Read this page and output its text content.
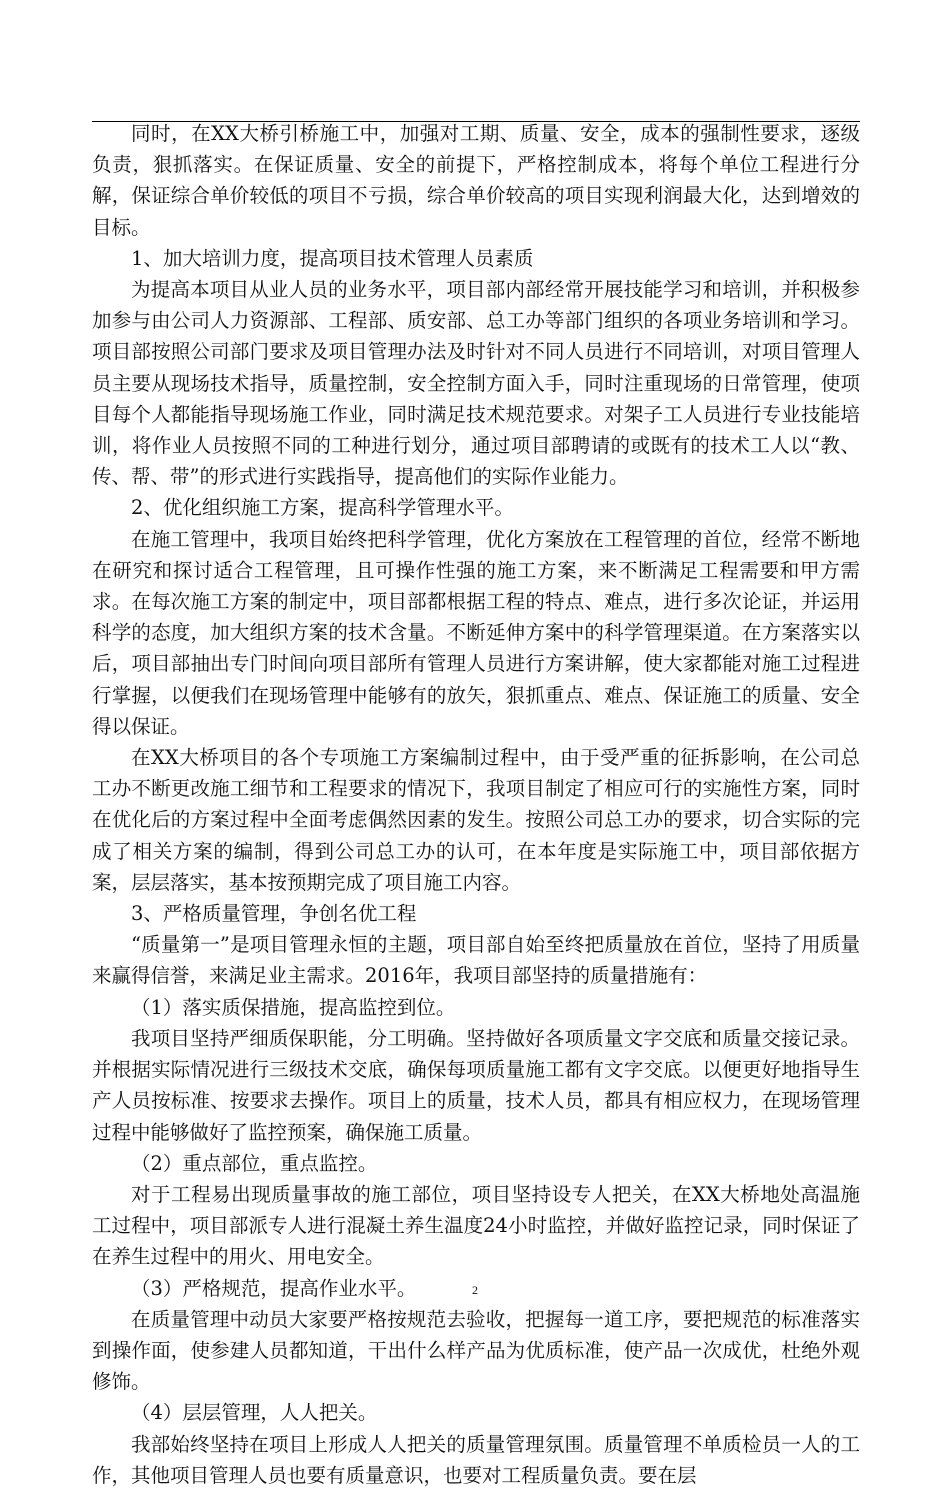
同时，在XX大桥引桥施工中，加强对工期、质量、安全，成本的强制性要求，逐级负责，狠抓落实。在保证质量、安全的前提下，严格控制成本，将每个单位工程进行分解，保证综合单价较低的项目不亏损，综合单价较高的项目实现利润最大化，达到增效的目标。

1、加大培训力度，提高项目技术管理人员素质

为提高本项目从业人员的业务水平，项目部内部经常开展技能学习和培训，并积极参加参与由公司人力资源部、工程部、质安部、总工办等部门组织的各项业务培训和学习。项目部按照公司部门要求及项目管理办法及时针对不同人员进行不同培训，对项目管理人员主要从现场技术指导，质量控制，安全控制方面入手，同时注重现场的日常管理，使项目每个人都能指导现场施工作业，同时满足技术规范要求。对架子工人员进行专业技能培训，将作业人员按照不同的工种进行划分，通过项目部聘请的或既有的技术工人以“教、传、帮、带”的形式进行实践指导，提高他们的实际作业能力。

2、优化组织施工方案，提高科学管理水平。

在施工管理中，我项目始终把科学管理，优化方案放在工程管理的首位，经常不断地在研究和探讨适合工程管理，且可操作性强的施工方案，来不断满足工程需要和甲方需求。在每次施工方案的制定中，项目部都根据工程的特点、难点，进行多次论证，并运用科学的态度，加大组织方案的技术含量。不断延伸方案中的科学管理渠道。在方案落实以后，项目部抽出专门时间向项目部所有管理人员进行方案讲解，使大家都能对施工过程进行掌握，以便我们在现场管理中能够有的放矢，狠抓重点、难点、保证施工的质量、安全得以保证。

在XX大桥项目的各个专项施工方案编制过程中，由于受严重的征拆影响，在公司总工办不断更改施工细节和工程要求的情况下，我项目制定了相应可行的实施性方案，同时在优化后的方案过程中全面考虑偶然因素的发生。按照公司总工办的要求，切合实际的完成了相关方案的编制，得到公司总工办的认可，在本年度是实际施工中，项目部依据方案，层层落实，基本按预期完成了项目施工内容。

3、严格质量管理，争创名优工程

“质量第一”是项目管理永恒的主题，项目部自始至终把质量放在首位，坚持了用质量来赢得信誉，来满足业主需求。2016年，我项目部坚持的质量措施有：

（1）落实质保措施，提高监控到位。

我项目坚持严细质保职能，分工明确。坚持做好各项质量文字交底和质量交接记录。并根据实际情况进行三级技术交底，确保每项质量施工都有文字交底。以便更好地指导生产人员按标准、按要求去操作。项目上的质量，技术人员，都具有相应权力，在现场管理过程中能够做好了监控预案，确保施工质量。

（2）重点部位，重点监控。

对于工程易出现质量事故的施工部位，项目坚持设专人把关，在XX大桥地处高温施工过程中，项目部派专人进行混凝土养生温度24小时监控，并做好监控记录，同时保证了在养生过程中的用火、用电安全。

（3）严格规范，提高作业水平。

在质量管理中动员大家要严格按规范去验收，把握每一道工序，要把规范的标准落实到操作面，使参建人员都知道，干出什么样产品为优质标准，使产品一次成优，杜绝外观修饰。

（4）层层管理，人人把关。

我部始终坚持在项目上形成人人把关的质量管理氛围。质量管理不单质检员一人的工作，其他项目管理人员也要有质量意识，也要对工程质量负责。要在层

2
